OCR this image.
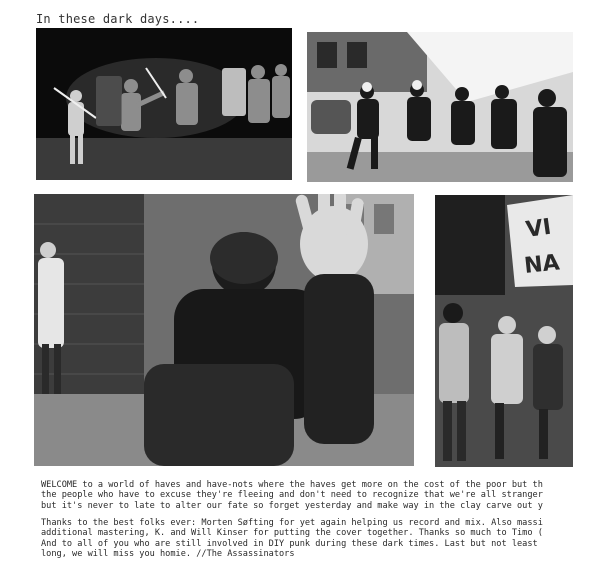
In these dark days....
VI
NA
WELCOME to a world of haves and have-nots where the haves get more on the cost of the poor but th
the people who have to excuse they're fleeing and don't need to recognize that we're all stranger
but it's never to late to alter our fate so forget yesterday and make way in the clay carve out y
Thanks to the best folks ever: Morten Søfting for yet again helping us record and mix. Also massi
additional mastering, K. and Will Kinser for putting the cover together. Thanks so much to Timo (
And to all of you who are still involved in DIY punk during these dark times. Last but not least
long, we will miss you homie. //The Assassinators
